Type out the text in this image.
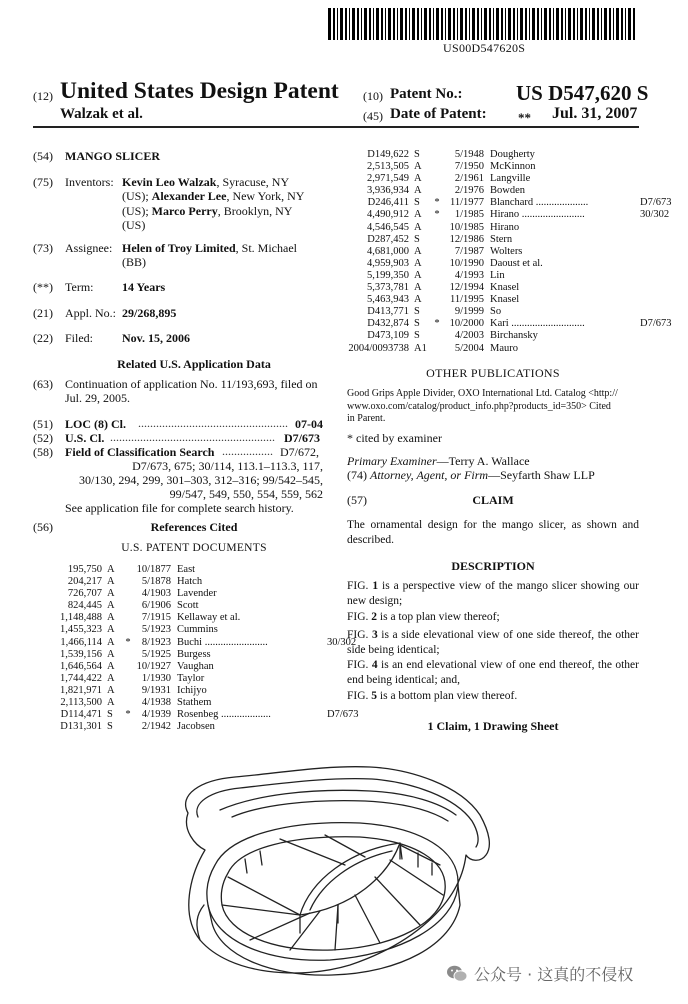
US00D547620S
(12) United States Design Patent
Walzak et al.
(10) Patent No.:	US D547,620 S
(45) Date of Patent: ** Jul. 31, 2007
(54) MANGO SLICER
(75) Inventors: Kevin Leo Walzak, Syracuse, NY
(US); Alexander Lee, New York, NY
(US); Marco Perry, Brooklyn, NY
(US)
(73) Assignee: Helen of Troy Limited, St. Michael
(BB)
(**) Term: 14 Years
(21) Appl. No.: 29/268,895
(22) Filed: Nov. 15, 2006
Related U.S. Application Data
(63) Continuation of application No. 11/193,693, filed on
Jul. 29, 2005.
(51) LOC (8) Cl. .................................................. 07-04
(52) U.S. Cl. ....................................................... D7/673
(58) Field of Classification Search ................. D7/672,
D7/673, 675; 30/114, 113.1–113.3, 117,
30/130, 294, 299, 301–303, 312–316; 99/542–545,
99/547, 549, 550, 554, 559, 562
See application file for complete search history.
(56)	References Cited
U.S. PATENT DOCUMENTS
195,750 A	10/1877 East
204,217 A	5/1878 Hatch
726,707 A	4/1903 Lavender
824,445 A	6/1906 Scott
1,148,488 A	7/1915 Kellaway et al.
1,455,323 A	5/1923 Cummins
1,466,114 A	*	8/1923 Buchi ........................	30/302
1,539,156 A	5/1925 Burgess
1,646,564 A	10/1927 Vaughan
1,744,422 A	1/1930 Taylor
1,821,971 A	9/1931 Ichijyo
2,113,500 A	4/1938 Stathem
D114,471 S	*	4/1939 Rosenbeg ...................	D7/673
D131,301 S	2/1942 Jacobsen
D149,622 S	5/1948 Dougherty
2,513,505 A	7/1950 McKinnon
2,971,549 A	2/1961 Langville
3,936,934 A	2/1976 Bowden
D246,411 S	* 11/1977 Blanchard ....................	D7/673
4,490,912 A	*	1/1985 Hirano ........................	30/302
4,546,545 A	10/1985 Hirano
D287,452 S	12/1986 Stern
4,681,000 A	7/1987 Wolters
4,959,903 A	10/1990 Daoust et al.
5,199,350 A	4/1993 Lin
5,373,781 A	12/1994 Knasel
5,463,943 A	11/1995 Knasel
D413,771 S	9/1999 So
D432,874 S	* 10/2000 Kari ............................	D7/673
D473,109 S	4/2003 Birchansky
2004/0093738 A1	5/2004 Mauro
OTHER PUBLICATIONS
Good Grips Apple Divider, OXO International Ltd. Catalog <http://
www.oxo.com/catalog/product_info.php?products_id=350> Cited
in Parent.
* cited by examiner
Primary Examiner—Terry A. Wallace
(74) Attorney, Agent, or Firm—Seyfarth Shaw LLP
(57)	CLAIM
The ornamental design for the mango slicer, as shown and described.
DESCRIPTION
FIG. 1 is a perspective view of the mango slicer showing our new design;
FIG. 2 is a top plan view thereof;
FIG. 3 is a side elevational view of one side thereof, the other side being identical;
FIG. 4 is an end elevational view of one end thereof, the other end being identical; and,
FIG. 5 is a bottom plan view thereof.
1 Claim, 1 Drawing Sheet
公众号 · 这真的不侵权
